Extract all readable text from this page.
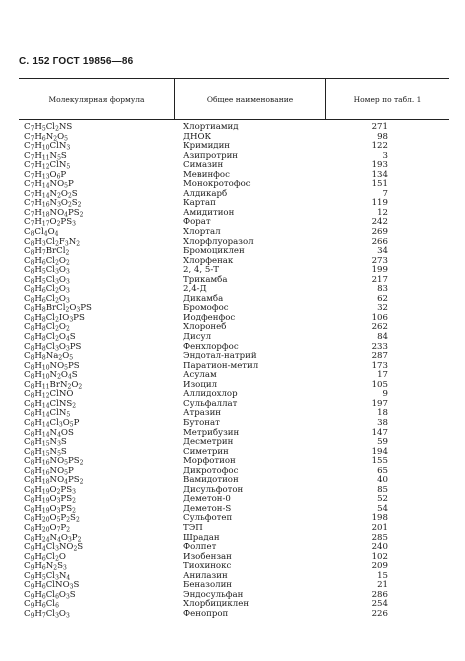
С. 152 ГОСТ 19856—86
Молекулярная формула	Общее наименование	Номер по табл. 1
$C_7H_5Cl_2NS$	Хлортиамид	271
$C_7H_6N_2O_5$	ДНОК	98
$C_7H_{10}ClN_3$	Кримидин	122
$C_7H_{11}N_5S$	Азипротрин	3
$C_7H_{12}ClN_5$	Симазин	193
$C_7H_{13}O_6P$	Мевинфос	134
$C_7H_{14}NO_5P$	Монокротофос	151
$C_7H_{14}N_2O_2S$	Алдикарб	7
$C_7H_{16}N_3O_2S_2$	Картап	119
$C_7H_{18}NO_4PS_2$	Амидитион	12
$C_7H_{17}O_2PS_3$	Форат	242
$C_8Cl_4O_4$	Хлортал	269
$C_8H_3Cl_2F_3N_2$	Хлорфлуоразол	266
$C_8H_7BrCl_2$	Бромоциклен	34
$C_8H_6Cl_2O_2$	Хлорфенак	273
$C_8H_5Cl_3O_3$	2, 4, 5-Т	199
$C_8H_5Cl_3O_3$	Трикамба	217
$C_8H_6Cl_2O_3$	2,4-Д	83
$C_8H_6Cl_2O_3$	Дикамба	62
$C_8H_8BrCl_2O_3PS$	Бромофос	32
$C_8H_8Cl_2IO_3PS$	Иодфенфос	106
$C_8H_8Cl_2O_2$	Хлоронеб	262
$C_8H_8Cl_2O_4S$	Дисул	84
$C_8H_8Cl_3O_3PS$	Фенхлорфос	233
$C_8H_8Na_2O_5$	Эндотал-натрий	287
$C_8H_{10}NO_5PS$	Паратион-метил	173
$C_8H_{10}N_2O_4S$	Асулам	17
$C_8H_{11}BrN_2O_2$	Изоцил	105
$C_8H_{12}ClNO$	Аллидохлор	9
$C_8H_{14}ClNS_2$	Сульфаллат	197
$C_8H_{14}ClN_5$	Атразин	18
$C_8H_{14}Cl_3O_5P$	Бутонат	38
$C_8H_{14}N_4OS$	Метрибузин	147
$C_8H_{15}N_3S$	Десметрин	59
$C_8H_{15}N_5S$	Симетрин	194
$C_8H_{16}NO_5PS_2$	Морфотион	155
$C_8H_{16}NO_5P$	Дикротофос	65
$C_8H_{18}NO_4PS_2$	Вамидотион	40
$C_8H_{19}O_2PS_3$	Дисульфотон	85
$C_8H_{19}O_3PS_2$	Деметон-0	52
$C_8H_{19}O_3PS_2$	Деметон-S	54
$C_8H_{20}O_5P_2S_2$	Сульфотеп	198
$C_8H_{20}O_7P_2$	ТЭП	201
$C_8H_{24}N_4O_3P_2$	Шрадан	285
$C_9H_4Cl_3NO_2S$	Фолпет	240
$C_9H_6Cl_2O$	Изобензан	102
$C_9H_6N_2S_3$	Тиохинокс	209
$C_9H_5Cl_3N_4$	Анилазин	15
$C_9H_6ClNO_3S$	Беназолин	21
$C_9H_6Cl_6O_3S$	Эндосульфан	286
$C_9H_6Cl_6$	Хлорбициклен	254
$C_9H_7Cl_3O_3$	Фенопроп	226
